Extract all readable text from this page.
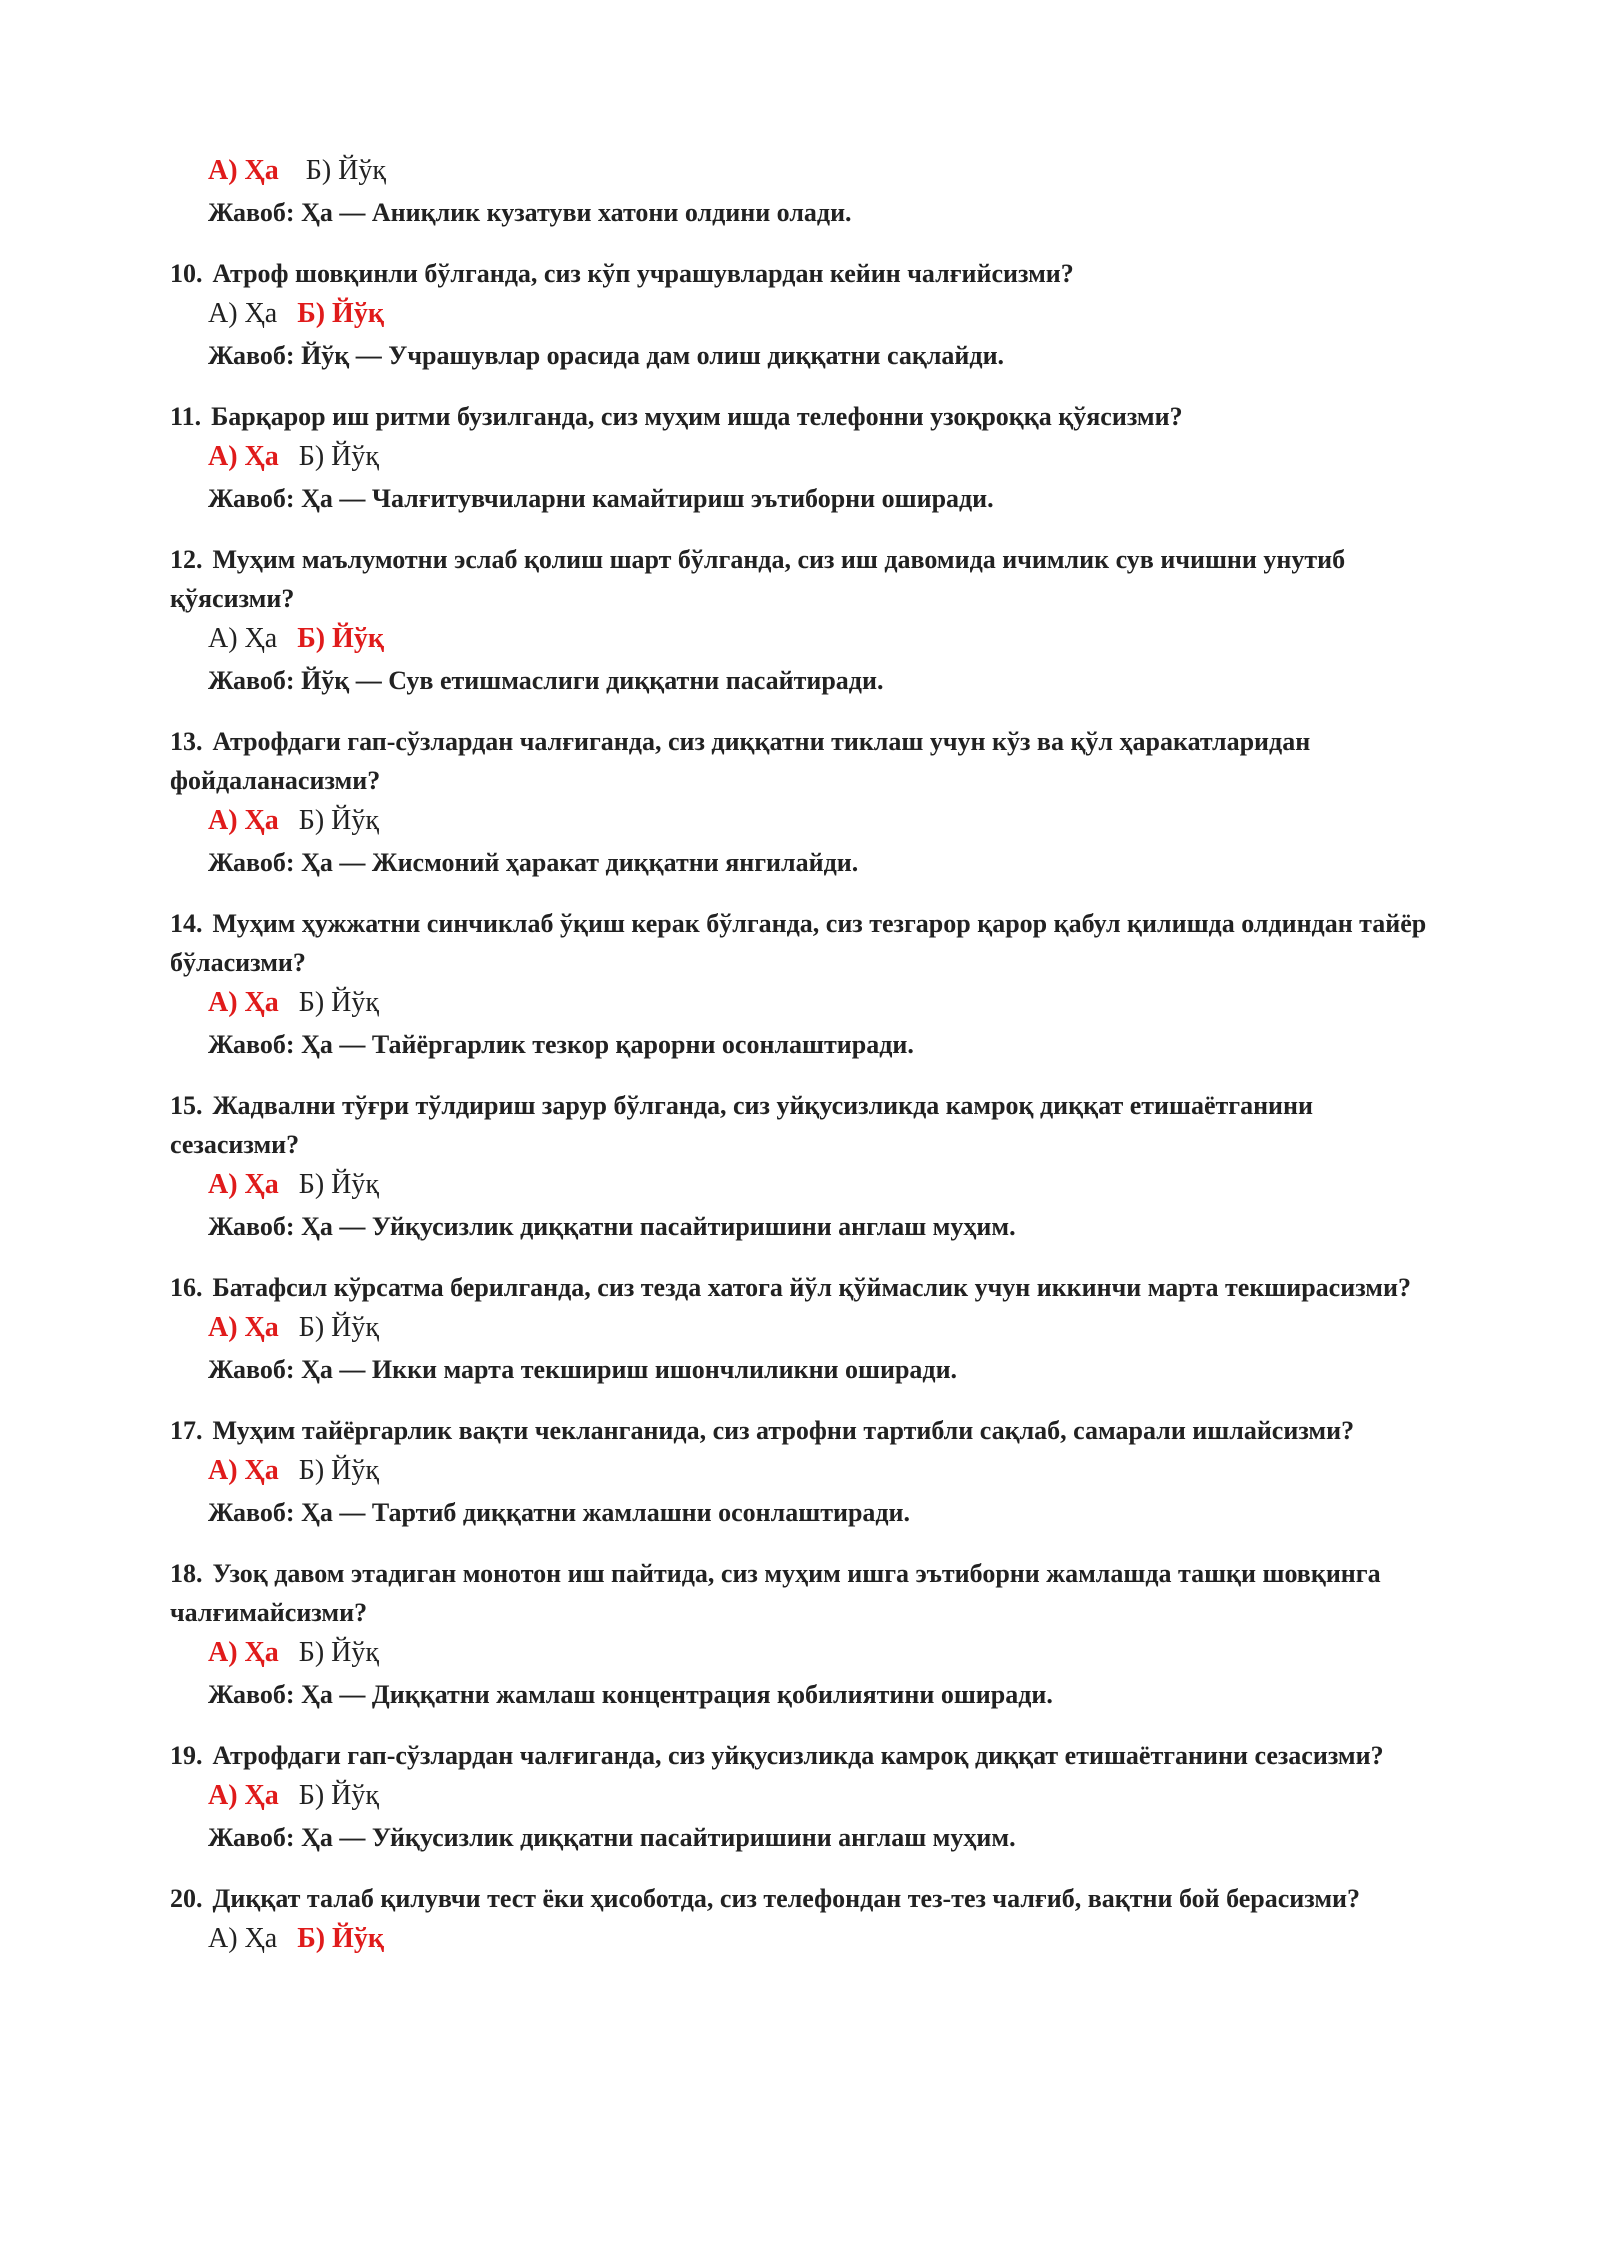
А) Ҳа Б) Йўқ
Жавоб: Ҳа — Аниқлик кузатуви хатони олдини олади.

10. Атроф шовқинли бўлганда, сиз кўп учрашувлардан кейин чалғийсизми?

А) Ҳа Б) Йўқ
Жавоб: Йўқ — Учрашувлар орасида дам олиш диққатни сақлайди.

11. Барқарор иш ритми бузилганда, сиз муҳим ишда телефонни узоқроққа қўясизми?

А) Ҳа Б) Йўқ
Жавоб: Ҳа — Чалғитувчиларни камайтириш эътиборни оширади.

12. Муҳим маълумотни эслаб қолиш шарт бўлганда, сиз иш давомида ичимлик сув ичишни унутиб қўясизми?

А) Ҳа Б) Йўқ
Жавоб: Йўқ — Сув етишмаслиги диққатни пасайтиради.

13. Атрофдаги гап-сўзлардан чалғиганда, сиз диққатни тиклаш учун кўз ва қўл ҳаракатларидан фойдаланасизми?

А) Ҳа Б) Йўқ
Жавоб: Ҳа — Жисмоний ҳаракат диққатни янгилайди.

14. Муҳим ҳужжатни синчиклаб ўқиш керак бўлганда, сиз тезгарор қарор қабул қилишда олдиндан тайёр бўласизми?

А) Ҳа Б) Йўқ
Жавоб: Ҳа — Тайёргарлик тезкор қарорни осонлаштиради.

15. Жадвални тўғри тўлдириш зарур бўлганда, сиз уйқусизликда камроқ диққат етишаётганини сезасизми?

А) Ҳа Б) Йўқ
Жавоб: Ҳа — Уйқусизлик диққатни пасайтиришини англаш муҳим.

16. Батафсил кўрсатма берилганда, сиз тезда хатога йўл қўймаслик учун иккинчи марта текширасизми?

А) Ҳа Б) Йўқ
Жавоб: Ҳа — Икки марта текшириш ишончлиликни оширади.

17. Муҳим тайёргарлик вақти чекланганида, сиз атрофни тартибли сақлаб, самарали ишлайсизми?

А) Ҳа Б) Йўқ
Жавоб: Ҳа — Тартиб диққатни жамлашни осонлаштиради.

18. Узоқ давом этадиган монотон иш пайтида, сиз муҳим ишга эътиборни жамлашда ташқи шовқинга чалғимайсизми?

А) Ҳа Б) Йўқ
Жавоб: Ҳа — Диққатни жамлаш концентрация қобилиятини оширади.

19. Атрофдаги гап-сўзлардан чалғиганда, сиз уйқусизликда камроқ диққат етишаётганини сезасизми?

А) Ҳа Б) Йўқ
Жавоб: Ҳа — Уйқусизлик диққатни пасайтиришини англаш муҳим.

20. Диққат талаб қилувчи тест ёки ҳисоботда, сиз телефондан тез-тез чалғиб, вақтни бой берасизми?

А) Ҳа Б) Йўқ
